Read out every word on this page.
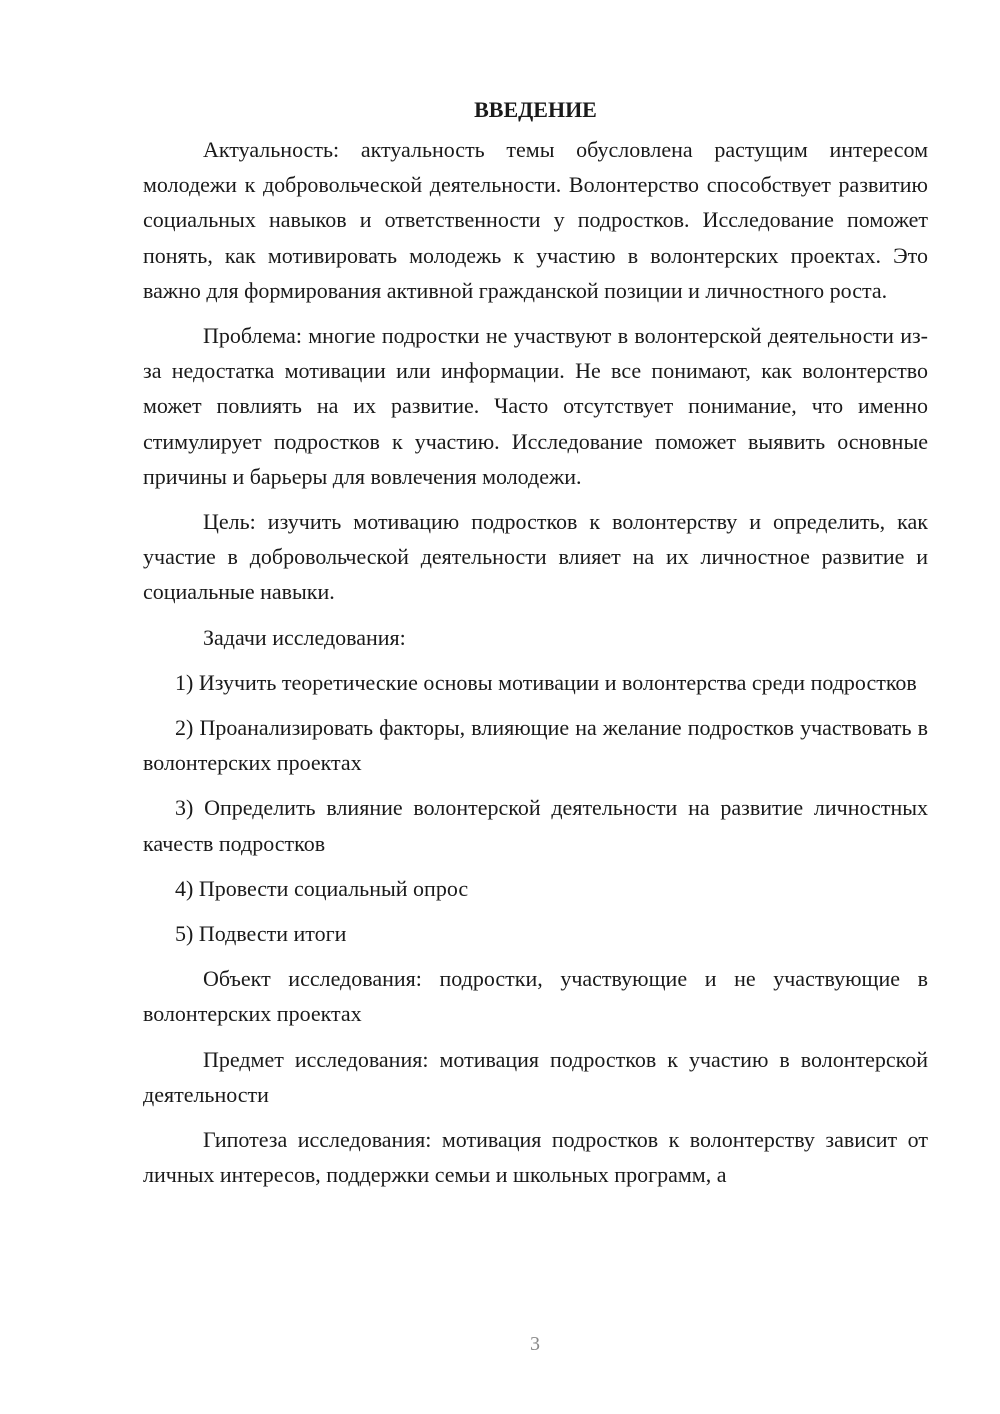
ВВЕДЕНИЕ

Актуальность: актуальность темы обусловлена растущим интересом молодежи к добровольческой деятельности. Волонтерство способствует развитию социальных навыков и ответственности у подростков. Исследование поможет понять, как мотивировать молодежь к участию в волонтерских проектах. Это важно для формирования активной гражданской позиции и личностного роста.

Проблема: многие подростки не участвуют в волонтерской деятельности из-за недостатка мотивации или информации. Не все понимают, как волонтерство может повлиять на их развитие. Часто отсутствует понимание, что именно стимулирует подростков к участию. Исследование поможет выявить основные причины и барьеры для вовлечения молодежи.

Цель: изучить мотивацию подростков к волонтерству и определить, как участие в добровольческой деятельности влияет на их личностное развитие и социальные навыки.

Задачи исследования:

1) Изучить теоретические основы мотивации и волонтерства среди подростков

2) Проанализировать факторы, влияющие на желание подростков участвовать в волонтерских проектах

3) Определить влияние волонтерской деятельности на развитие личностных качеств подростков

4) Провести социальный опрос

5) Подвести итоги

Объект исследования: подростки, участвующие и не участвующие в волонтерских проектах

Предмет исследования: мотивация подростков к участию в волонтерской деятельности

Гипотеза исследования: мотивация подростков к волонтерству зависит от личных интересов, поддержки семьи и школьных программ, а

3
